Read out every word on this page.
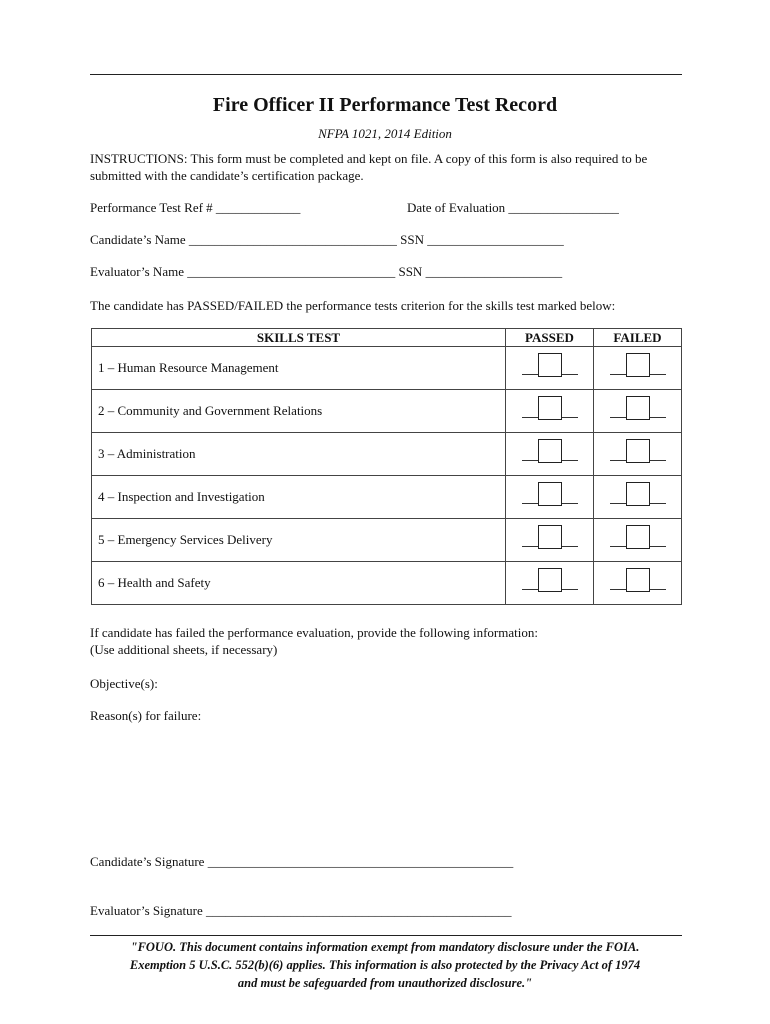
Fire Officer II Performance Test Record
NFPA 1021, 2014 Edition
INSTRUCTIONS: This form must be completed and kept on file. A copy of this form is also required to be submitted with the candidate’s certification package.
Performance Test Ref # _____________	Date of Evaluation _________________
Candidate’s Name ________________________________ SSN _____________________
Evaluator’s Name ________________________________ SSN _____________________
The candidate has PASSED/FAILED the performance tests criterion for the skills test marked below:
SKILLS TEST	PASSED	FAILED
1 – Human Resource Management	

2 – Community and Government Relations	

3 – Administration	

4 – Inspection and Investigation	

5 – Emergency Services Delivery	

6 – Health and Safety	

If candidate has failed the performance evaluation, provide the following information:
(Use additional sheets, if necessary)
Objective(s):
Reason(s) for failure:
Candidate’s Signature _______________________________________________
Evaluator’s Signature _______________________________________________
"FOUO. This document contains information exempt from mandatory disclosure under the FOIA.
Exemption 5 U.S.C. 552(b)(6) applies. This information is also protected by the Privacy Act of 1974
and must be safeguarded from unauthorized disclosure."
